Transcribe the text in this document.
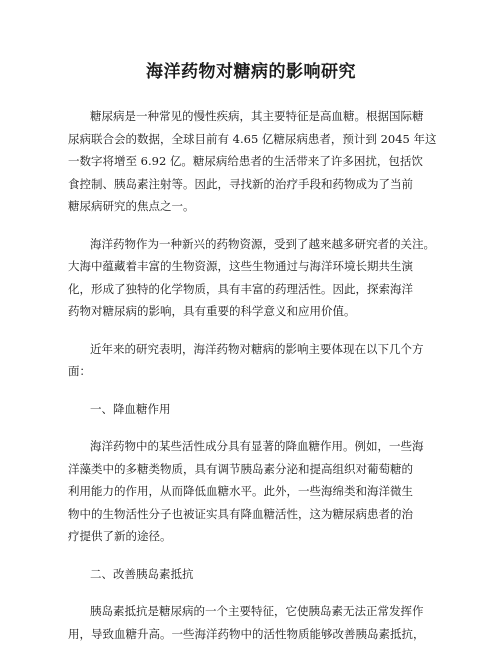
海洋药物对糖病的影响研究

糖尿病是一种常见的慢性疾病，其主要特征是高血糖。根据国际糖
尿病联合会的数据，全球目前有 4.65 亿糖尿病患者，预计到 2045 年这
一数字将增至 6.92 亿。糖尿病给患者的生活带来了许多困扰，包括饮
食控制、胰岛素注射等。因此，寻找新的治疗手段和药物成为了当前
糖尿病研究的焦点之一。

海洋药物作为一种新兴的药物资源，受到了越来越多研究者的关注。
大海中蕴藏着丰富的生物资源，这些生物通过与海洋环境长期共生演
化，形成了独特的化学物质，具有丰富的药理活性。因此，探索海洋
药物对糖尿病的影响，具有重要的科学意义和应用价值。

近年来的研究表明，海洋药物对糖病的影响主要体现在以下几个方
面：

一、降血糖作用

海洋药物中的某些活性成分具有显著的降血糖作用。例如，一些海
洋藻类中的多糖类物质，具有调节胰岛素分泌和提高组织对葡萄糖的
利用能力的作用，从而降低血糖水平。此外，一些海绵类和海洋微生
物中的生物活性分子也被证实具有降血糖活性，这为糖尿病患者的治
疗提供了新的途径。

二、改善胰岛素抵抗

胰岛素抵抗是糖尿病的一个主要特征，它使胰岛素无法正常发挥作
用，导致血糖升高。一些海洋药物中的活性物质能够改善胰岛素抵抗，
